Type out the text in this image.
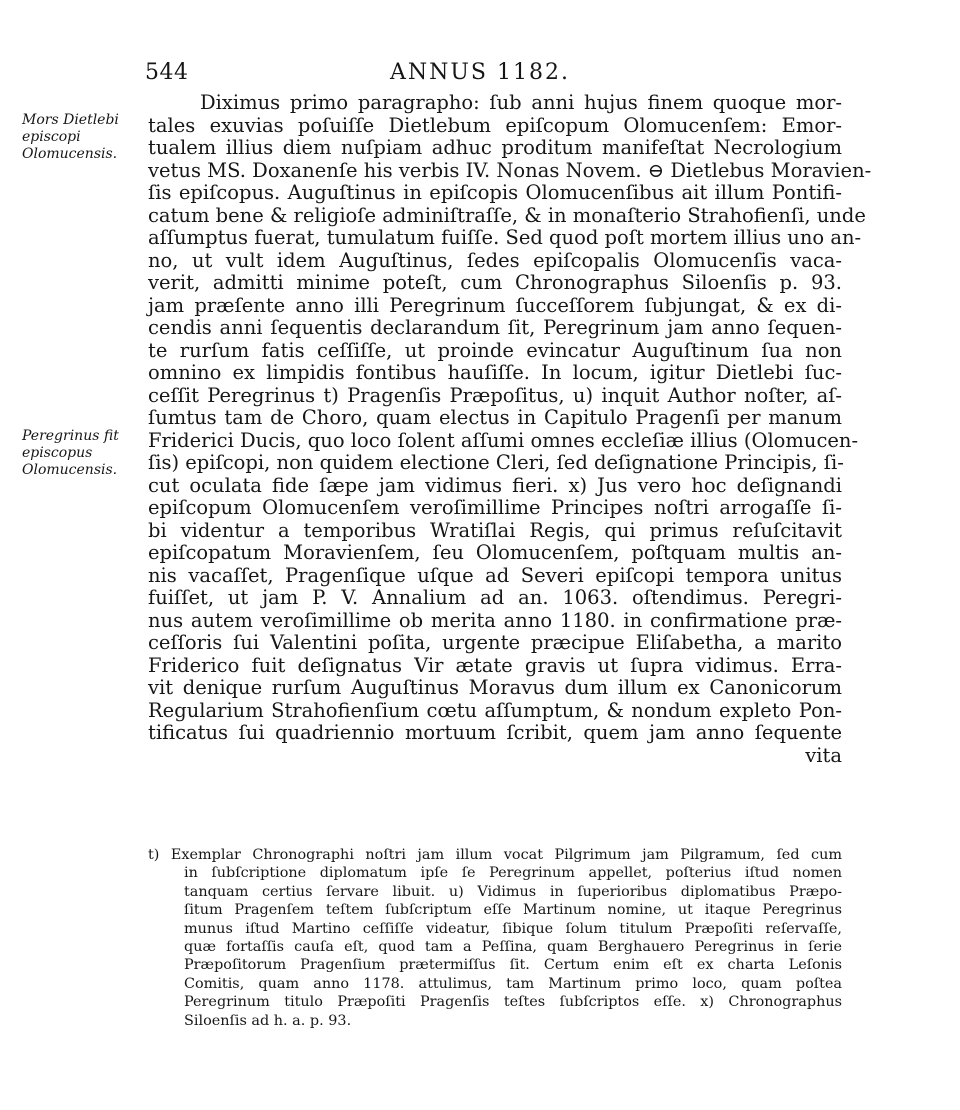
544	ANNUS 1182.
Mors Dietlebi episcopi Olomucensis.
Peregrinus fit episcopus Olomucensis.
Diximus primo paragrapho: ſub anni hujus finem quoque mor-
tales exuvias poſuiſſe Dietlebum epiſcopum Olomucenſem: Emor-
tualem illius diem nuſpiam adhuc proditum manifeſtat Necrologium
vetus MS. Doxanenſe his verbis IV. Nonas Novem. ⊖ Dietlebus Moravien-
ſis epiſcopus. Auguſtinus in epiſcopis Olomucenſibus ait illum Pontifi-
catum bene & religioſe adminiſtraſſe, & in monaſterio Strahofienſi, unde
aſſumptus fuerat, tumulatum fuiſſe. Sed quod poſt mortem illius uno an-
no, ut vult idem Auguſtinus, ſedes epiſcopalis Olomucenſis vaca-
verit, admitti minime poteſt, cum Chronographus Siloenſis p. 93.
jam præſente anno illi Peregrinum ſucceſſorem ſubjungat, & ex di-
cendis anni ſequentis declarandum ſit, Peregrinum jam anno ſequen-
te rurſum fatis ceſſiſſe, ut proinde evincatur Auguſtinum ſua non
omnino ex limpidis fontibus hauſiſſe. In locum, igitur Dietlebi ſuc-
ceſſit Peregrinus t) Pragenſis Præpoſitus, u) inquit Author noſter, aſ-
ſumtus tam de Choro, quam electus in Capitulo Pragenſi per manum
Friderici Ducis, quo loco ſolent aſſumi omnes eccleſiæ illius (Olomucen-
ſis) epiſcopi, non quidem electione Cleri, ſed deſignatione Principis, ſi-
cut oculata fide ſæpe jam vidimus fieri. x) Jus vero hoc deſignandi
epiſcopum Olomucenſem veroſimillime Principes noſtri arrogaſſe ſi-
bi videntur a temporibus Wratiſlai Regis, qui primus reſuſcitavit
epiſcopatum Moravienſem, ſeu Olomucenſem, poſtquam multis an-
nis vacaſſet, Pragenſique uſque ad Severi epiſcopi tempora unitus
fuiſſet, ut jam P. V. Annalium ad an. 1063. oſtendimus. Peregri-
nus autem veroſimillime ob merita anno 1180. in confirmatione præ-
ceſſoris ſui Valentini poſita, urgente præcipue Eliſabetha, a marito
Friderico fuit deſignatus Vir ætate gravis ut ſupra vidimus. Erra-
vit denique rurſum Auguſtinus Moravus dum illum ex Canonicorum
Regularium Strahofienſium cœtu aſſumptum, & nondum expleto Pon-
tificatus ſui quadriennio mortuum ſcribit, quem jam anno ſequente
vita
t) Exemplar Chronographi noſtri jam illum vocat Pilgrimum jam Pilgramum, ſed cum
in ſubſcriptione diplomatum ipſe ſe Peregrinum appellet, poſterius iſtud nomen
tanquam certius ſervare libuit. u) Vidimus in ſuperioribus diplomatibus Præpo-
ſitum Pragenſem teſtem ſubſcriptum eſſe Martinum nomine, ut itaque Peregrinus
munus iſtud Martino ceſſiſſe videatur, ſibique ſolum titulum Præpoſiti reſervaſſe,
quæ fortaſſis cauſa eſt, quod tam a Peſſina, quam Berghauero Peregrinus in ſerie
Præpoſitorum Pragenſium prætermiſſus ſit. Certum enim eſt ex charta Leſonis
Comitis, quam anno 1178. attulimus, tam Martinum primo loco, quam poſtea
Peregrinum titulo Præpoſiti Pragenſis teſtes ſubſcriptos eſſe. x) Chronographus
Siloenſis ad h. a. p. 93.
